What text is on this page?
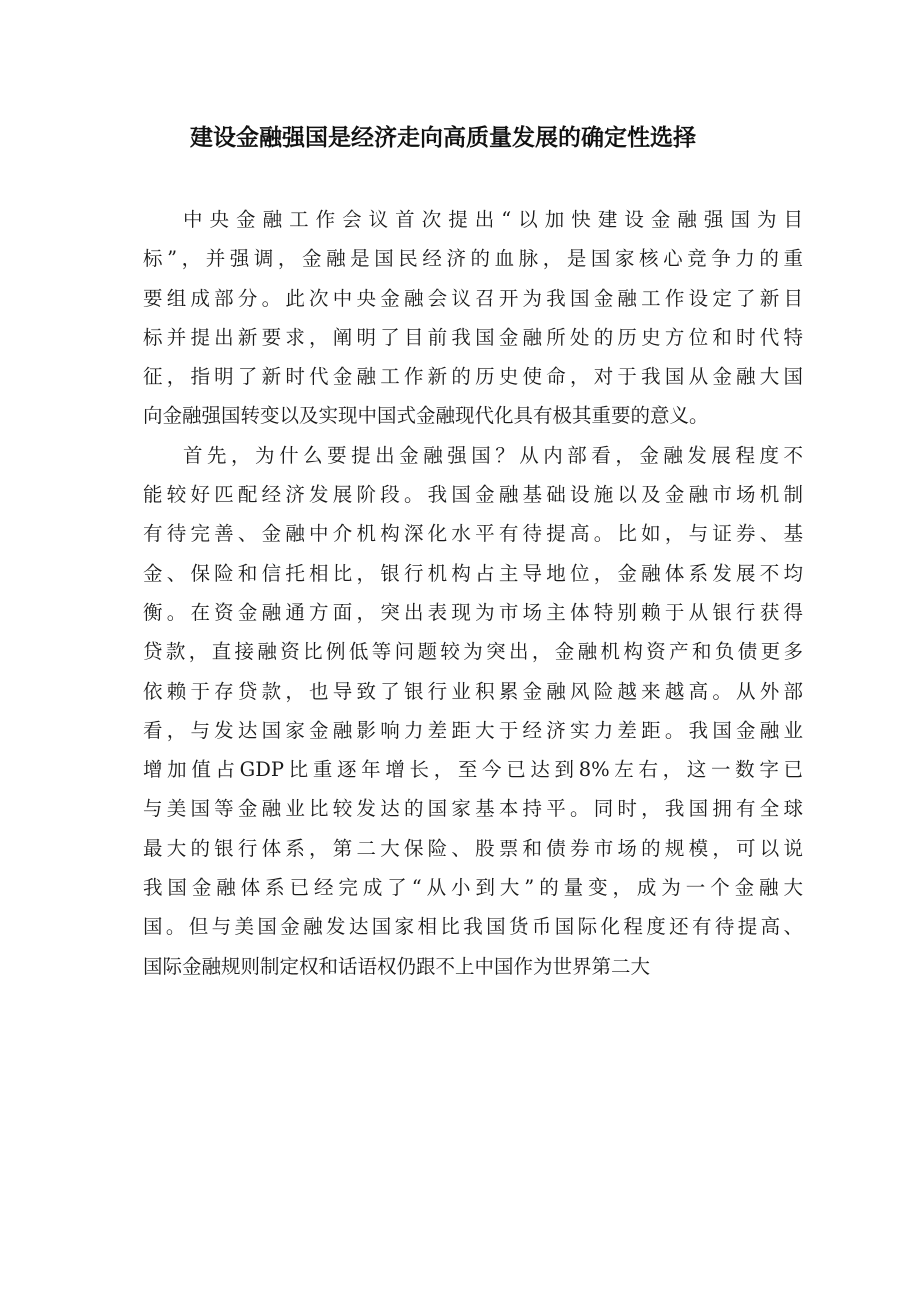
建设金融强国是经济走向高质量发展的确定性选择
中央金融工作会议首次提出“以加快建设金融强国为目
标”，并强调，金融是国民经济的血脉，是国家核心竞争力的重
要组成部分。此次中央金融会议召开为我国金融工作设定了新目
标并提出新要求，阐明了目前我国金融所处的历史方位和时代特
征，指明了新时代金融工作新的历史使命，对于我国从金融大国
向金融强国转变以及实现中国式金融现代化具有极其重要的意义。
首先，为什么要提出金融强国？从内部看，金融发展程度不
能较好匹配经济发展阶段。我国金融基础设施以及金融市场机制
有待完善、金融中介机构深化水平有待提高。比如，与证券、基
金、保险和信托相比，银行机构占主导地位，金融体系发展不均
衡。在资金融通方面，突出表现为市场主体特别赖于从银行获得
贷款，直接融资比例低等问题较为突出，金融机构资产和负债更多
依赖于存贷款，也导致了银行业积累金融风险越来越高。从外部
看，与发达国家金融影响力差距大于经济实力差距。我国金融业
增加值占GDP比重逐年增长，至今已达到8%左右，这一数字已
与美国等金融业比较发达的国家基本持平。同时，我国拥有全球
最大的银行体系，第二大保险、股票和债券市场的规模，可以说
我国金融体系已经完成了“从小到大”的量变，成为一个金融大
国。但与美国金融发达国家相比我国货币国际化程度还有待提高、
国际金融规则制定权和话语权仍跟不上中国作为世界第二大
